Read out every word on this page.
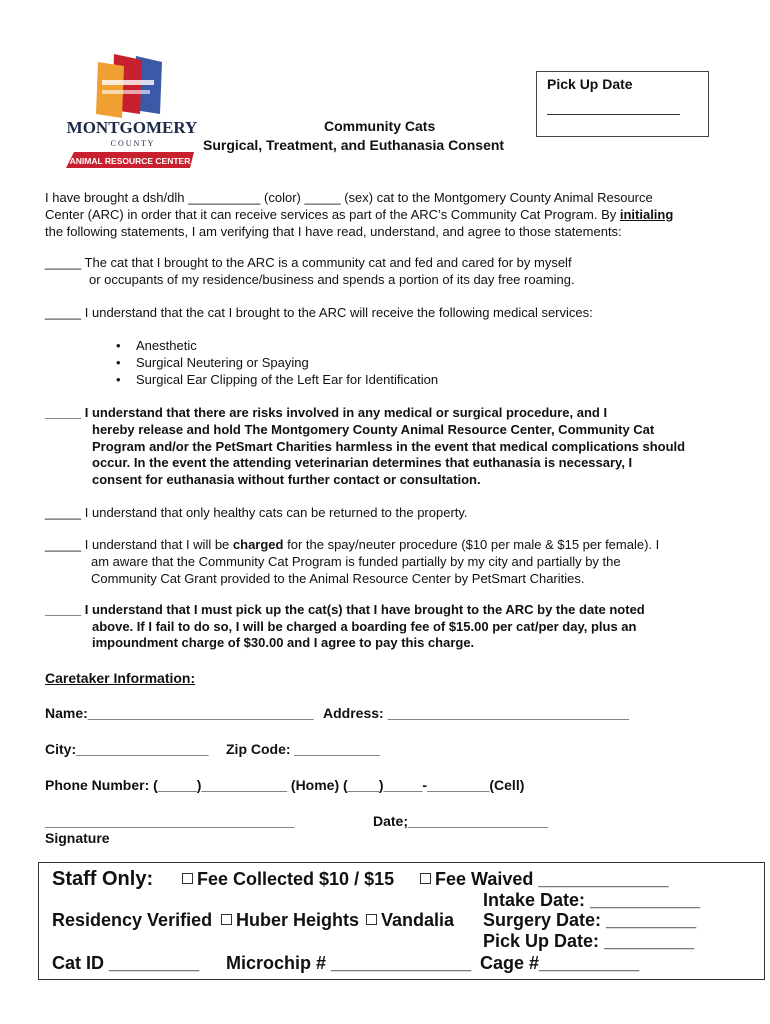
MONTGOMERY
C O U N T Y
ANIMAL RESOURCE CENTER
Pick Up Date
Community Cats
Surgical, Treatment, and Euthanasia Consent
I have brought a dsh/dlh __________ (color) _____ (sex) cat to the Montgomery County Animal Resource
Center (ARC) in order that it can receive services as part of the ARC’s Community Cat Program. By initialing
the following statements, I am verifying that I have read, understand, and agree to those statements:
_____ The cat that I brought to the ARC is a community cat and fed and cared for by myself
or occupants of my residence/business and spends a portion of its day free roaming.
_____ I understand that the cat I brought to the ARC will receive the following medical services:
• Anesthetic
• Surgical Neutering or Spaying
• Surgical Ear Clipping of the Left Ear for Identification
_____ I understand that there are risks involved in any medical or surgical procedure, and I
hereby release and hold The Montgomery County Animal Resource Center, Community Cat
Program and/or the PetSmart Charities harmless in the event that medical complications should
occur. In the event the attending veterinarian determines that euthanasia is necessary, I
consent for euthanasia without further contact or consultation.
_____ I understand that only healthy cats can be returned to the property.
_____ I understand that I will be charged for the spay/neuter procedure ($10 per male & $15 per female). I
am aware that the Community Cat Program is funded partially by my city and partially by the
Community Cat Grant provided to the Animal Resource Center by PetSmart Charities.
_____ I understand that I must pick up the cat(s) that I have brought to the ARC by the date noted
above. If I fail to do so, I will be charged a boarding fee of $15.00 per cat/per day, plus an
impoundment charge of $30.00 and I agree to pay this charge.
Caretaker Information:
Name:_____________________________ Address: _______________________________
City:_________________ Zip Code: ___________
Phone Number: (_____)___________ (Home) (____)_____-________(Cell)
________________________________	Date;__________________
Signature
Staff Only:	Fee Collected $10 / $15	Fee Waived _____________
Intake Date: ___________
Residency Verified	Huber Heights	Vandalia Surgery Date: _________
Pick Up Date: _________
Cat ID _________ Microchip # ______________ Cage #__________
